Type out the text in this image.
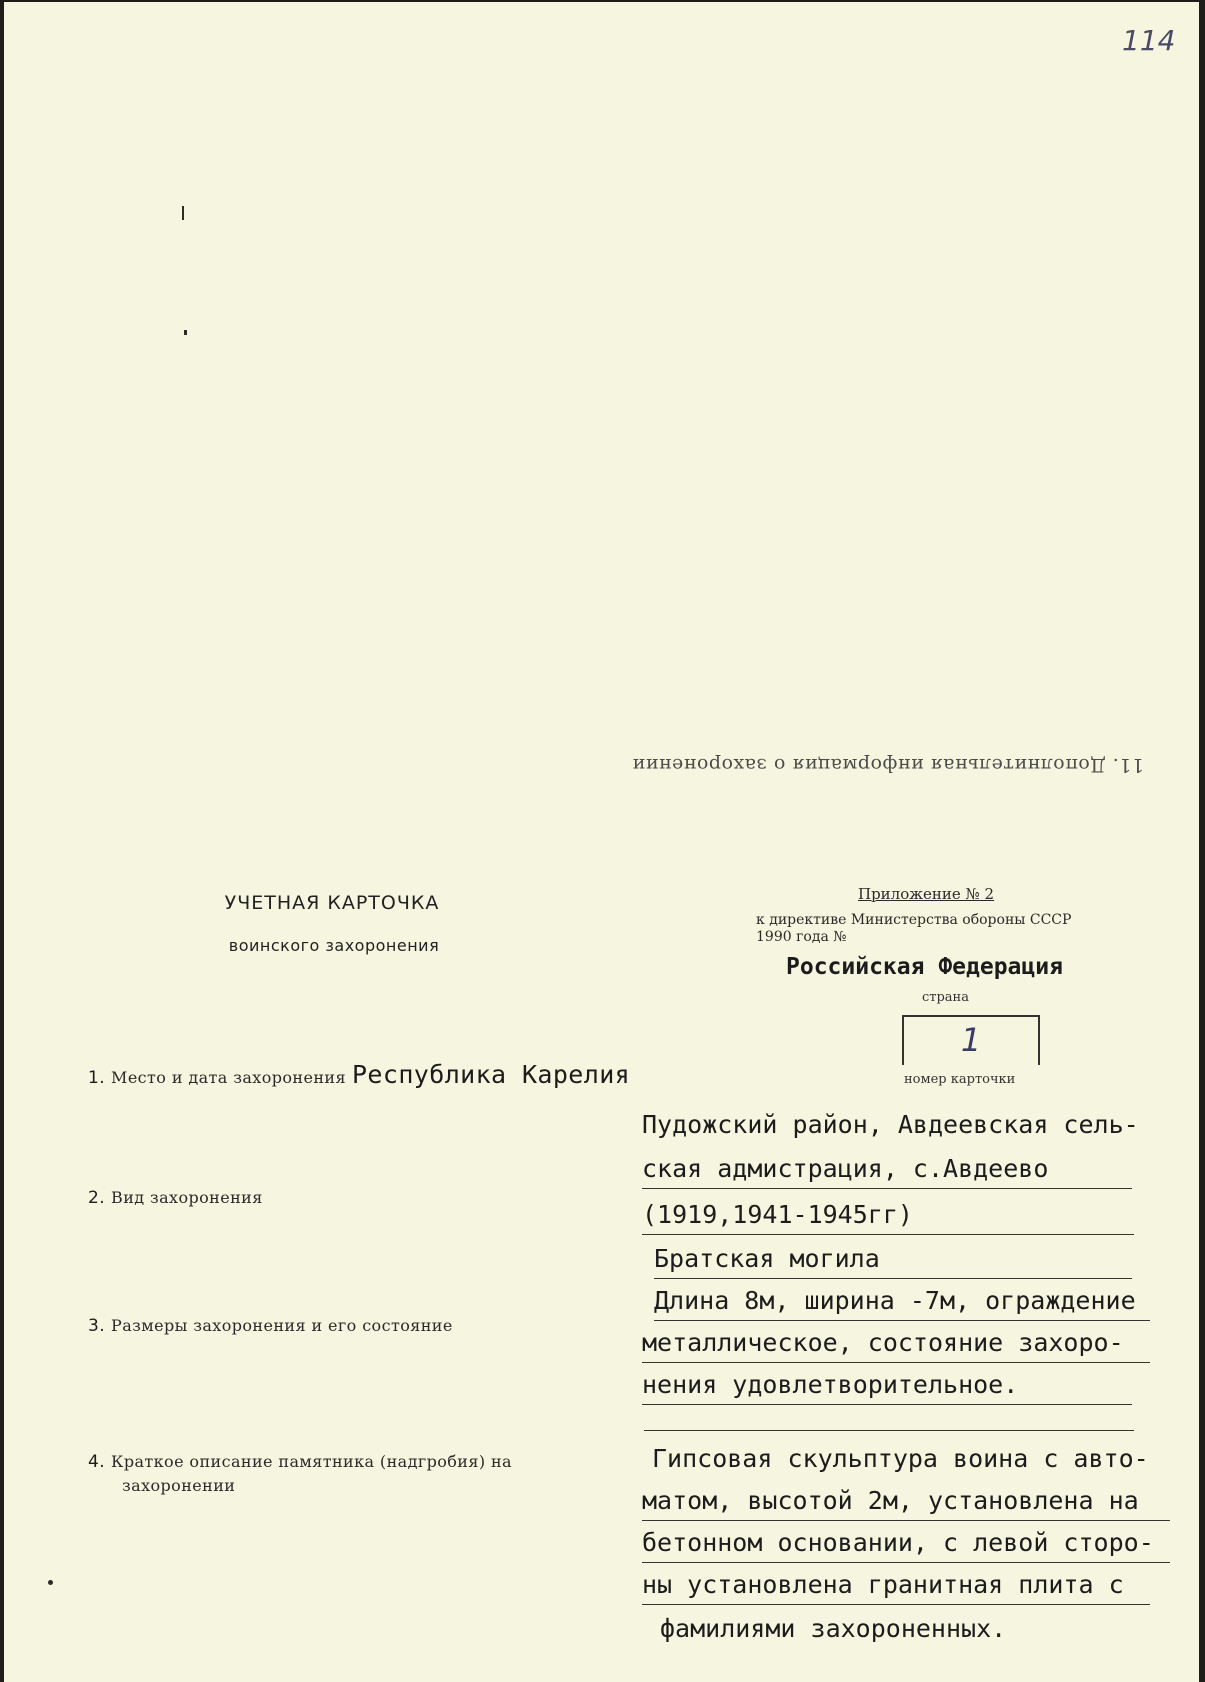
114
11. Дополнительная информация о захоронении
УЧЕТНАЯ КАРТОЧКА
воинского захоронения
Приложение № 2
к директиве Министерства обороны СССР
1990 года №
Российская Федерация
страна
1
номер карточки
1. Место и дата захоронения Республика Карелия
Пудожский район, Авдеевская сель-
ская адмистрация, с.Авдеево
(1919,1941-1945гг)
2. Вид захоронения
Братская могила
3. Размеры захоронения и его состояние
Длина 8м, ширина -7м, ограждение
металлическое, состояние захоро-
нения удовлетворительное.
4. Краткое описание памятника (надгробия) на
захоронении
Гипсовая скульптура воина с авто-
матом, высотой 2м, установлена на
бетонном основании, с левой сторо-
ны установлена гранитная плита с
фамилиями захороненных.
